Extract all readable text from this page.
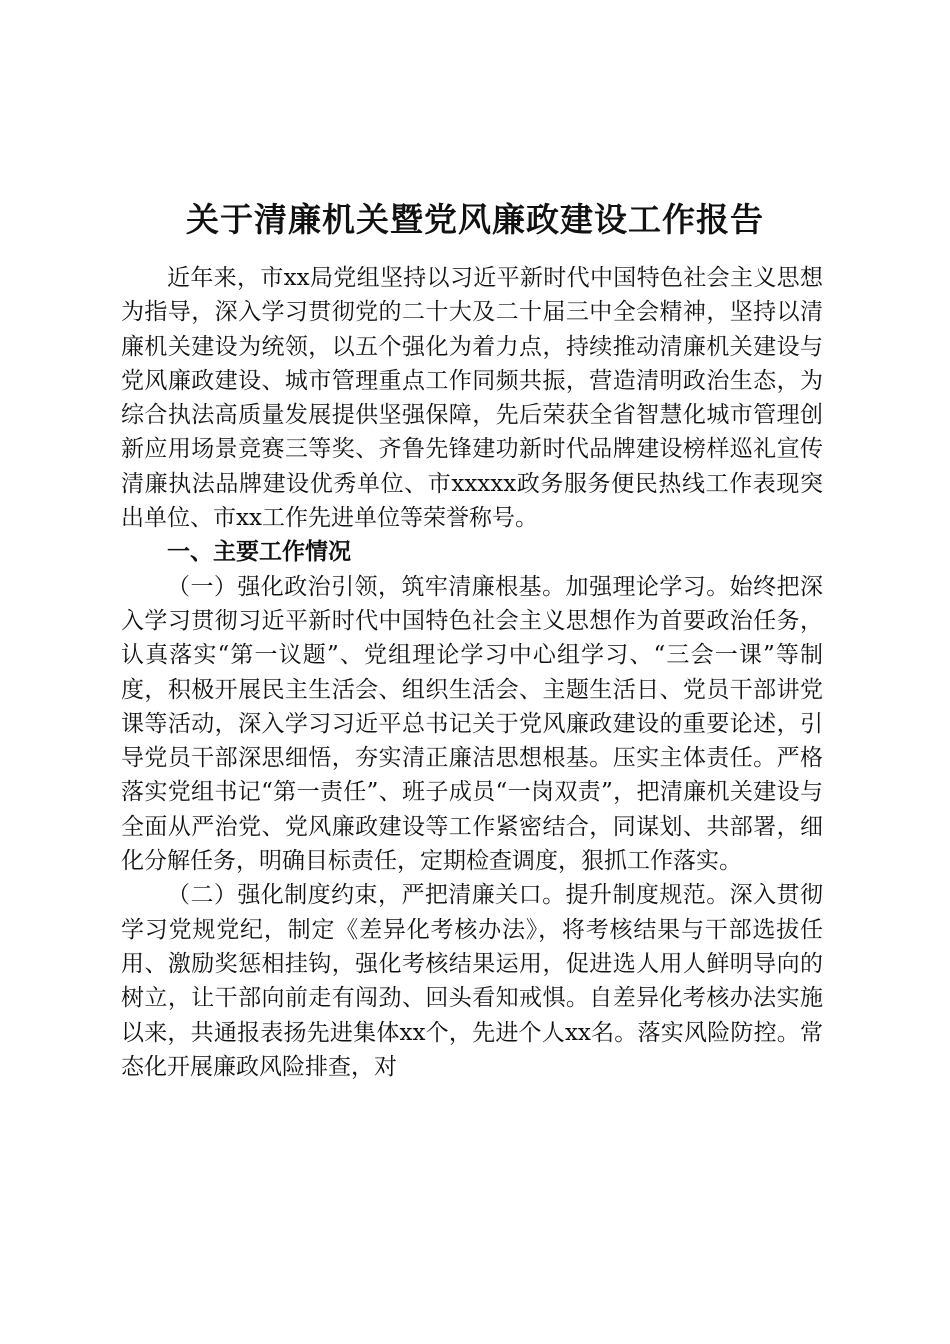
关于清廉机关暨党风廉政建设工作报告

近年来，市xx局党组坚持以习近平新时代中国特色社会主义思想为指导，深入学习贯彻党的二十大及二十届三中全会精神，坚持以清廉机关建设为统领，以五个强化为着力点，持续推动清廉机关建设与党风廉政建设、城市管理重点工作同频共振，营造清明政治生态，为综合执法高质量发展提供坚强保障，先后荣获全省智慧化城市管理创新应用场景竞赛三等奖、齐鲁先锋建功新时代品牌建设榜样巡礼宣传清廉执法品牌建设优秀单位、市xxxxx政务服务便民热线工作表现突出单位、市xx工作先进单位等荣誉称号。

一、主要工作情况

（一）强化政治引领，筑牢清廉根基。加强理论学习。始终把深入学习贯彻习近平新时代中国特色社会主义思想作为首要政治任务，认真落实“第一议题”、党组理论学习中心组学习、“三会一课”等制度，积极开展民主生活会、组织生活会、主题生活日、党员干部讲党课等活动，深入学习习近平总书记关于党风廉政建设的重要论述，引导党员干部深思细悟，夯实清正廉洁思想根基。压实主体责任。严格落实党组书记“第一责任”、班子成员“一岗双责”，把清廉机关建设与全面从严治党、党风廉政建设等工作紧密结合，同谋划、共部署，细化分解任务，明确目标责任，定期检查调度，狠抓工作落实。

（二）强化制度约束，严把清廉关口。提升制度规范。深入贯彻学习党规党纪，制定《差异化考核办法》，将考核结果与干部选拔任用、激励奖惩相挂钩，强化考核结果运用，促进选人用人鲜明导向的树立，让干部向前走有闯劲、回头看知戒惧。自差异化考核办法实施以来，共通报表扬先进集体xx个，先进个人xx名。落实风险防控。常态化开展廉政风险排查，对
